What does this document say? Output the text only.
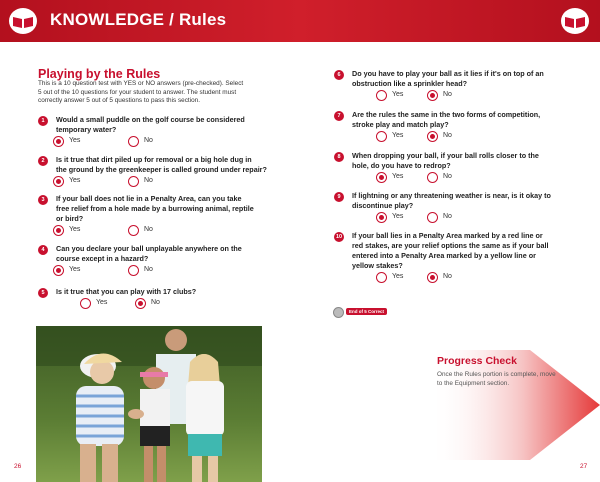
KNOWLEDGE / Rules
Playing by the Rules
This is a 10 question test with YES or NO answers (pre-checked). Select
5 out of the 10 questions for your student to answer. The student must
correctly answer 5 out of 5 questions to pass this section.
1	Would a small puddle on the golf course be considered
temporary water?
Yes	No
2	Is it true that dirt piled up for removal or a big hole dug in
the ground by the greenkeeper is called ground under repair?
Yes	No
3	If your ball does not lie in a Penalty Area, can you take
free relief from a hole made by a burrowing animal, reptile
or bird?
Yes	No
4	Can you declare your ball unplayable anywhere on the
course except in a hazard?
Yes	No
5	Is it true that you can play with 17 clubs?
Yes	No
6	Do you have to play your ball as it lies if it's on top of an
obstruction like a sprinkler head?
Yes	No
7	Are the rules the same in the two forms of competition,
stroke play and match play?
Yes	No
8	When dropping your ball, if your ball rolls closer to the
hole, do you have to redrop?
Yes	No
9	If lightning or any threatening weather is near, is it okay to
discontinue play?
Yes	No
10 If your ball lies in a Penalty Area marked by a red line or
red stakes, are your relief options the same as if your ball
entered into a Penalty Area marked by a yellow line or
yellow stakes?
Yes	No
End of 5 Correct
Progress Check
Once the Rules portion is complete, move
to the Equipment section.
26	27
